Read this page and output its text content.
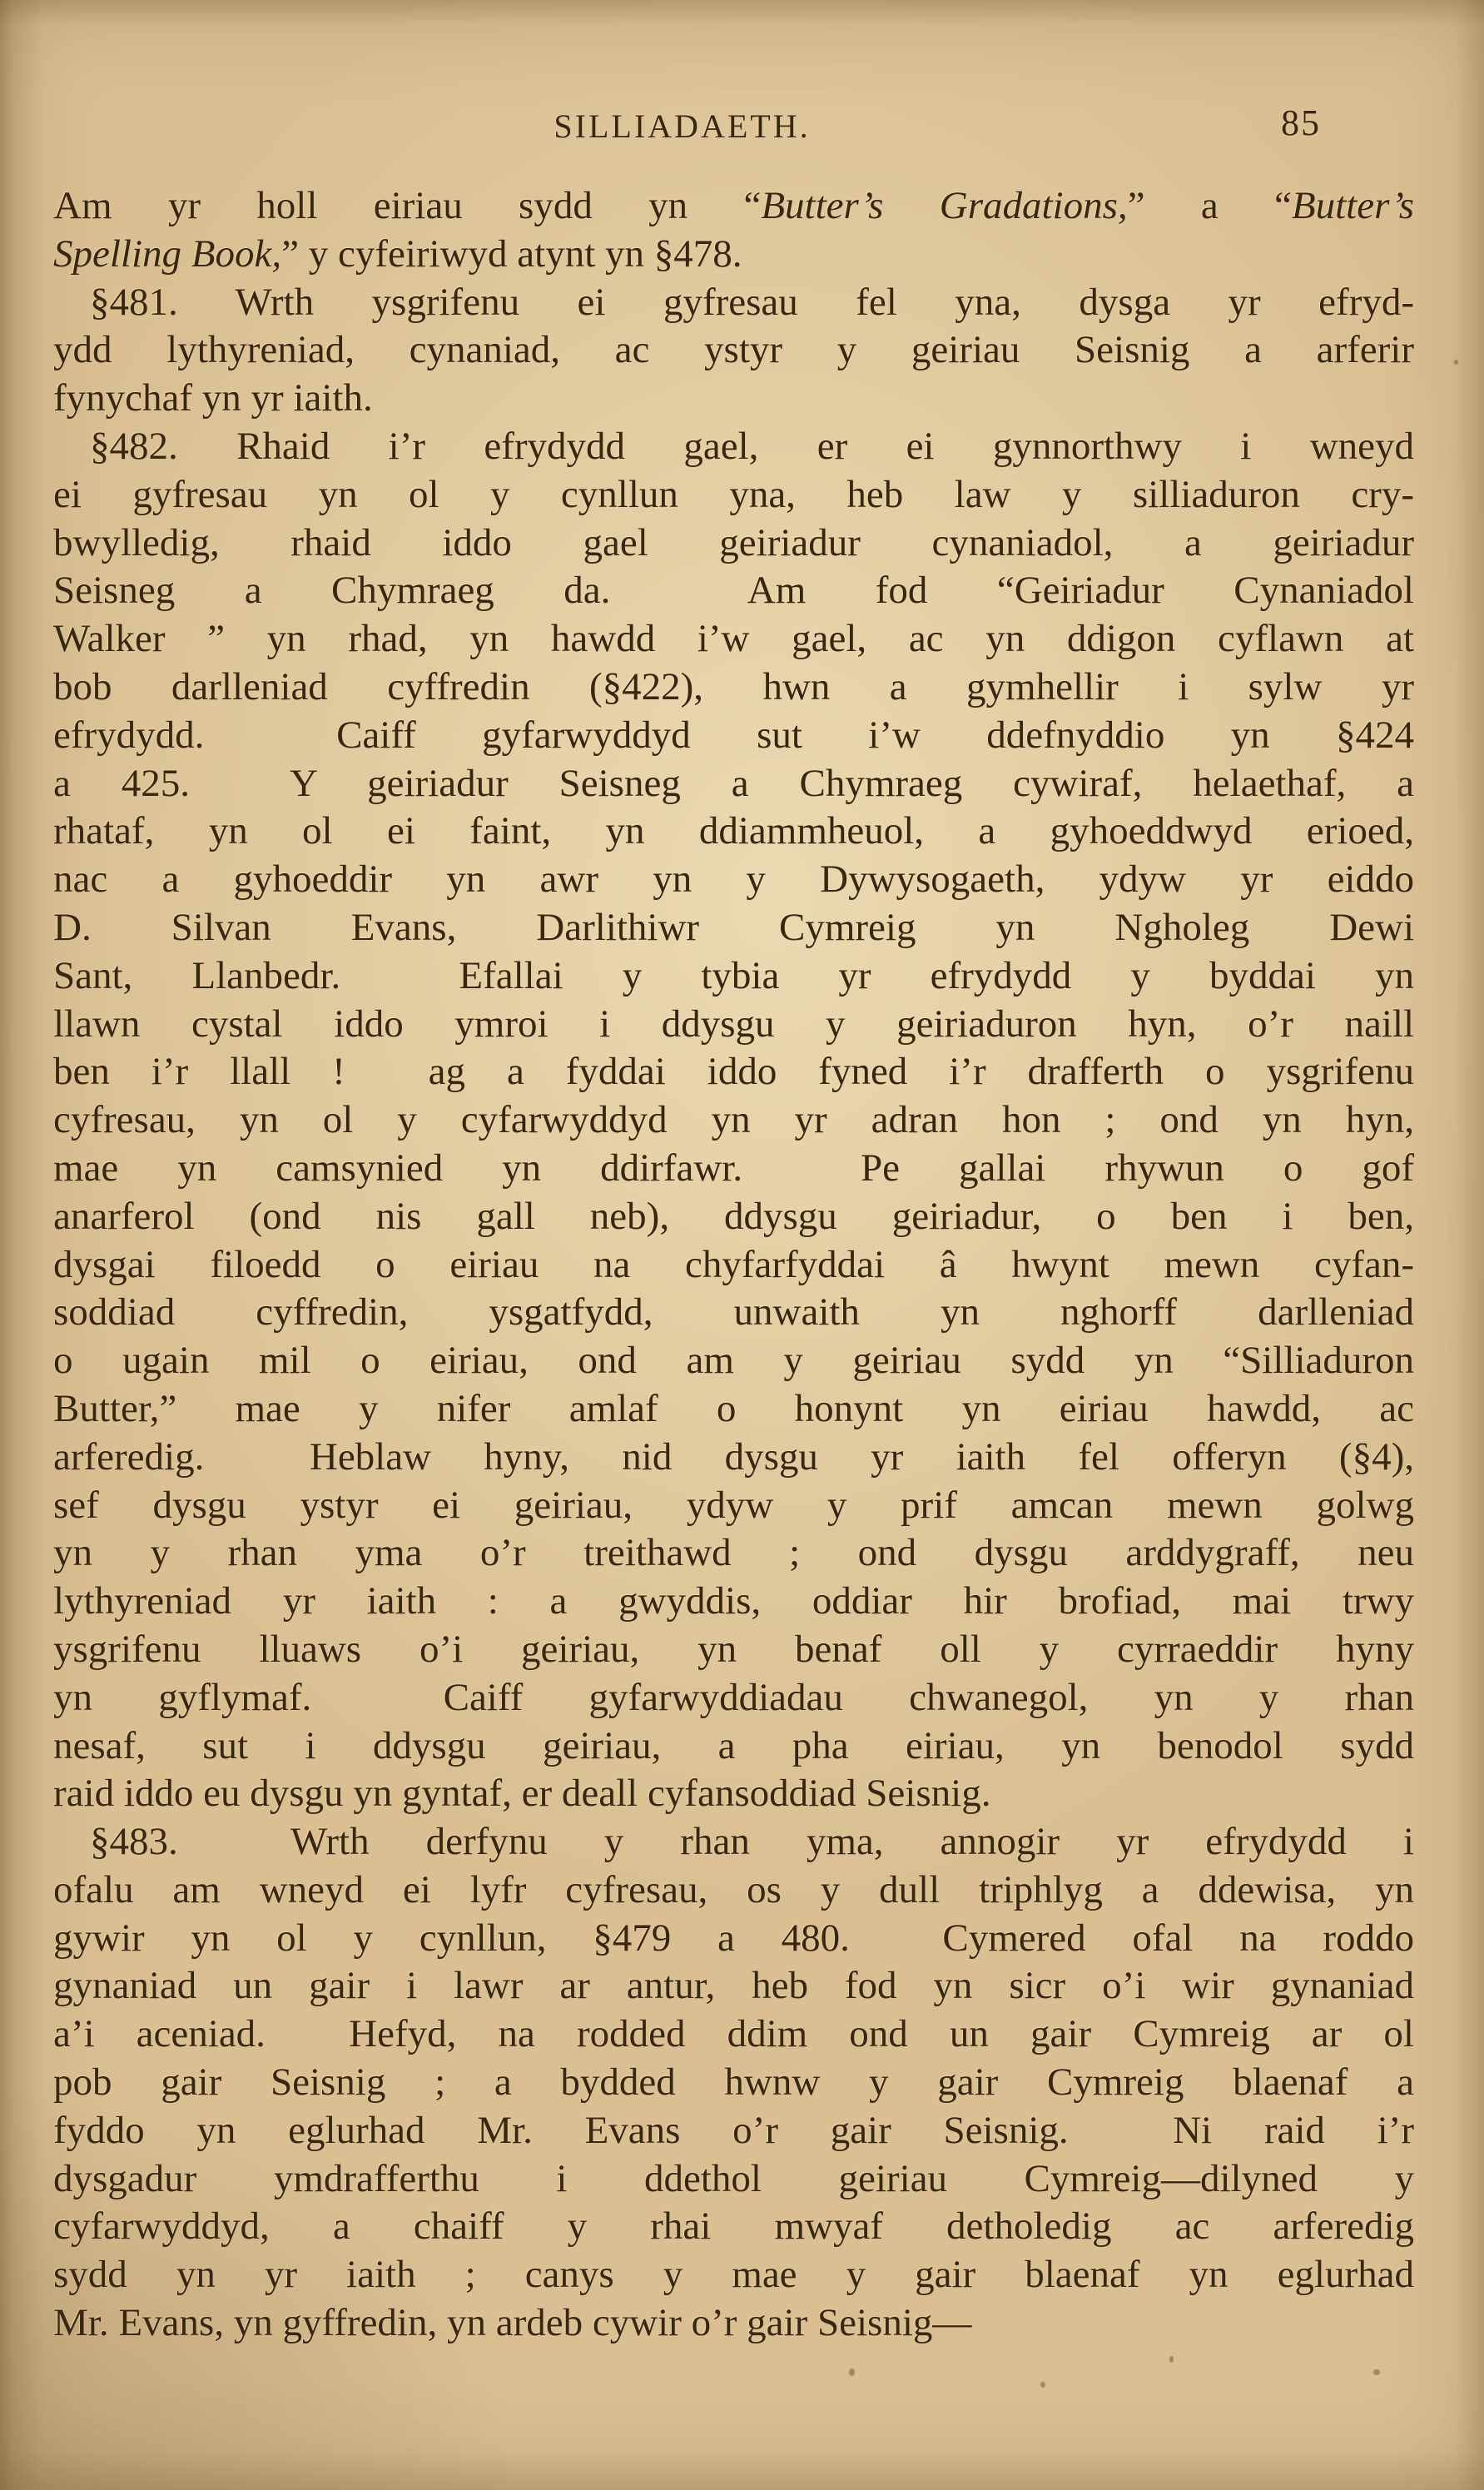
SILLIADAETH.	85
Am yr holl eiriau sydd yn “Butter’s Gradations,” a “Butter’s
Spelling Book,” y cyfeiriwyd atynt yn §478.
§481. Wrth ysgrifenu ei gyfresau fel yna, dysga yr efryd-
ydd lythyreniad, cynaniad, ac ystyr y geiriau Seisnig a arferir
fynychaf yn yr iaith.
§482. Rhaid i’r efrydydd gael, er ei gynnorthwy i wneyd
ei gyfresau yn ol y cynllun yna, heb law y silliaduron cry-
bwylledig, rhaid iddo gael geiriadur cynaniadol, a geiriadur
Seisneg a Chymraeg da.  Am fod “Geiriadur Cynaniadol
Walker ” yn rhad, yn hawdd i’w gael, ac yn ddigon cyflawn at
bob darlleniad cyffredin (§422), hwn a gymhellir i sylw yr
efrydydd.  Caiff gyfarwyddyd sut i’w ddefnyddio yn §424
a 425.  Y geiriadur Seisneg a Chymraeg cywiraf, helaethaf, a
rhataf, yn ol ei faint, yn ddiammheuol, a gyhoeddwyd erioed,
nac a gyhoeddir yn awr yn y Dywysogaeth, ydyw yr eiddo
D. Silvan Evans, Darlithiwr Cymreig yn Ngholeg Dewi
Sant, Llanbedr.  Efallai y tybia yr efrydydd y byddai yn
llawn cystal iddo ymroi i ddysgu y geiriaduron hyn, o’r naill
ben i’r llall !  ag a fyddai iddo fyned i’r drafferth o ysgrifenu
cyfresau, yn ol y cyfarwyddyd yn yr adran hon ; ond yn hyn,
mae yn camsynied yn ddirfawr.  Pe gallai rhywun o gof
anarferol (ond nis gall neb), ddysgu geiriadur, o ben i ben,
dysgai filoedd o eiriau na chyfarfyddai â hwynt mewn cyfan-
soddiad cyffredin, ysgatfydd, unwaith yn nghorff darlleniad
o ugain mil o eiriau, ond am y geiriau sydd yn “Silliaduron
Butter,” mae y nifer amlaf o honynt yn eiriau hawdd, ac
arferedig.  Heblaw hyny, nid dysgu yr iaith fel offeryn (§4),
sef dysgu ystyr ei geiriau, ydyw y prif amcan mewn golwg
yn y rhan yma o’r treithawd ; ond dysgu arddygraff, neu
lythyreniad yr iaith : a gwyddis, oddiar hir brofiad, mai trwy
ysgrifenu lluaws o’i geiriau, yn benaf oll y cyrraeddir hyny
yn gyflymaf.  Caiff gyfarwyddiadau chwanegol, yn y rhan
nesaf, sut i ddysgu geiriau, a pha eiriau, yn benodol sydd
raid iddo eu dysgu yn gyntaf, er deall cyfansoddiad Seisnig.
§483.  Wrth derfynu y rhan yma, annogir yr efrydydd i
ofalu am wneyd ei lyfr cyfresau, os y dull triphlyg a ddewisa, yn
gywir yn ol y cynllun, §479 a 480.  Cymered ofal na roddo
gynaniad un gair i lawr ar antur, heb fod yn sicr o’i wir gynaniad
a’i aceniad.  Hefyd, na rodded ddim ond un gair Cymreig ar ol
pob gair Seisnig ; a bydded hwnw y gair Cymreig blaenaf a
fyddo yn eglurhad Mr. Evans o’r gair Seisnig.  Ni raid i’r
dysgadur ymdrafferthu i ddethol geiriau Cymreig—dilyned y
cyfarwyddyd, a chaiff y rhai mwyaf detholedig ac arferedig
sydd yn yr iaith ; canys y mae y gair blaenaf yn eglurhad
Mr. Evans, yn gyffredin, yn ardeb cywir o’r gair Seisnig—
